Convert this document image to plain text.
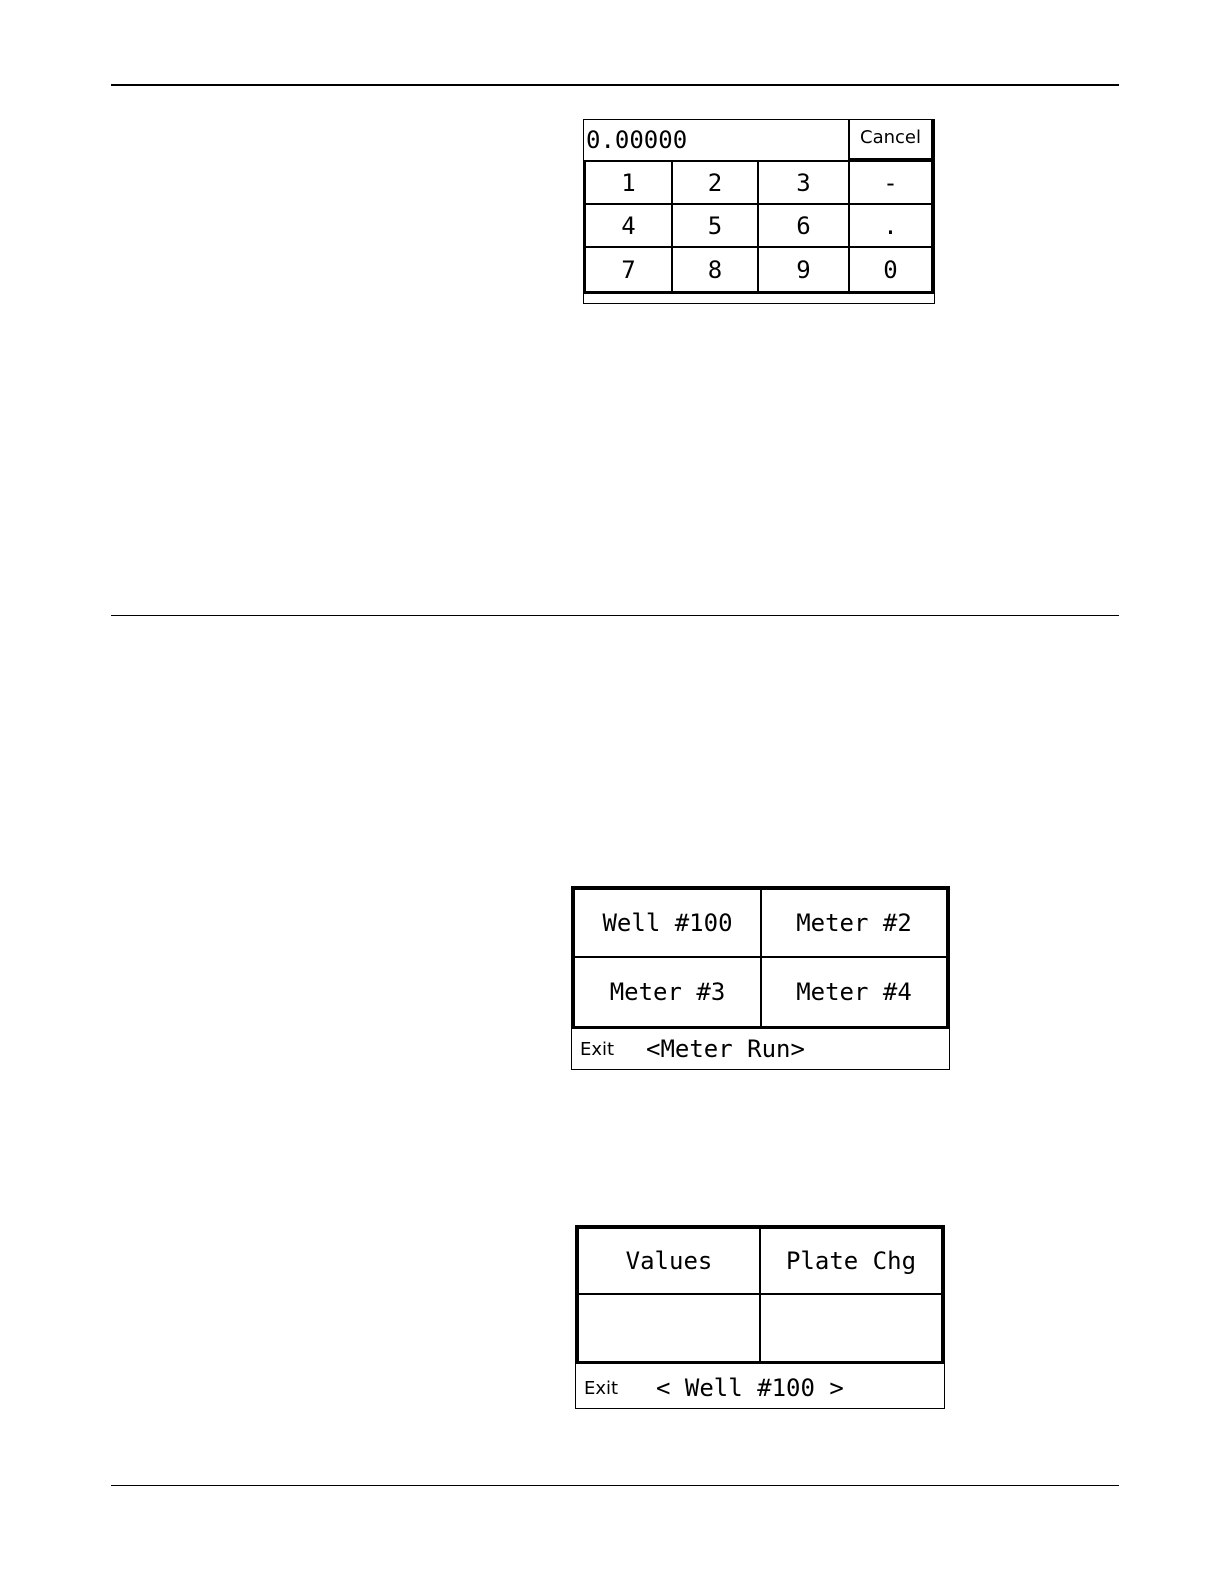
0.00000	Cancel
1	2	3	-
4	5	6	.
7	8	9	0
Well #100	Meter #2
Meter #3	Meter #4
Exit	<Meter Run>
Values	Plate Chg
Exit	< Well #100 >
